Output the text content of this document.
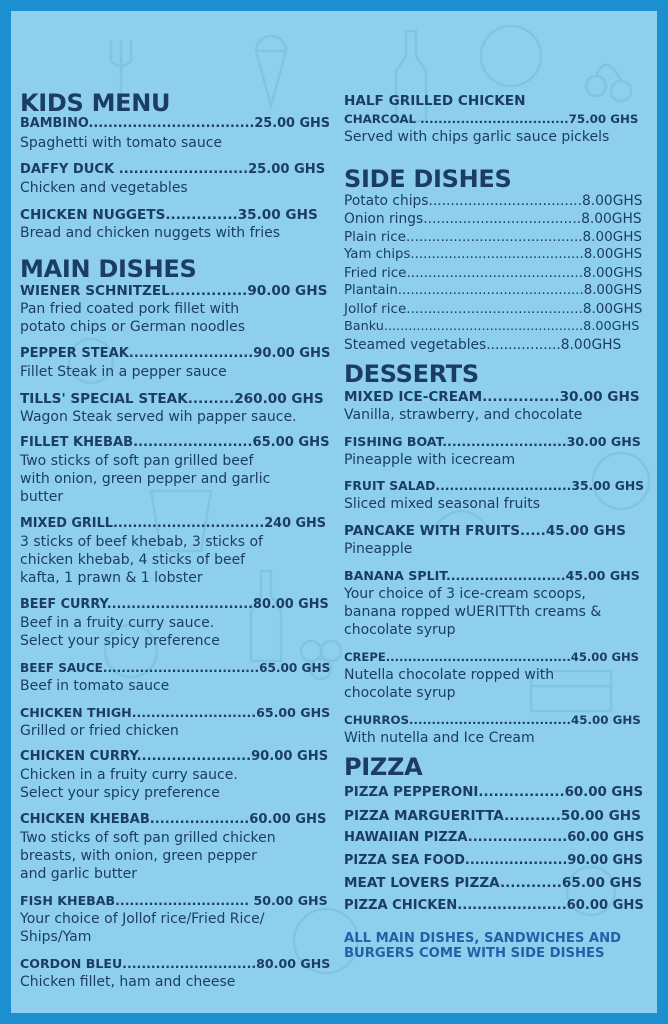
KIDS MENU
BAMBINO..................................25.00 GHS
Spaghetti with tomato sauce
DAFFY DUCK ..........................25.00 GHS
Chicken and vegetables
CHICKEN NUGGETS..............35.00 GHS
Bread and chicken nuggets with fries
MAIN DISHES
WIENER SCHNITZEL...............90.00 GHS
Pan fried coated pork fillet with
potato chips or German noodles
PEPPER STEAK.........................90.00 GHS
Fillet Steak in a pepper sauce
TILLS' SPECIAL STEAK.........260.00 GHS
Wagon Steak served wih papper sauce.
FILLET KHEBAB........................65.00 GHS
Two sticks of soft pan grilled beef
with onion, green pepper and garlic
butter
MIXED GRILL...............................240 GHS
3 sticks of beef khebab, 3 sticks of
chicken khebab, 4 sticks of beef
kafta, 1 prawn & 1 lobster
BEEF CURRY..............................80.00 GHS
Beef in a fruity curry sauce.
Select your spicy preference
BEEF SAUCE..................................65.00 GHS
Beef in tomato sauce
CHICKEN THIGH..........................65.00 GHS
Grilled or fried chicken
CHICKEN CURRY.......................90.00 GHS
Chicken in a fruity curry sauce.
Select your spicy preference
CHICKEN KHEBAB....................60.00 GHS
Two sticks of soft pan grilled chicken
breasts, with onion, green pepper
and garlic butter
FISH KHEBAB............................ 50.00 GHS
Your choice of Jollof rice/Fried Rice/
Ships/Yam
CORDON BLEU............................80.00 GHS
Chicken fillet, ham and cheese
HALF GRILLED CHICKEN
CHARCOAL .................................75.00 GHS
Served with chips garlic sauce pickels
SIDE DISHES
Potato chips...................................8.00GHS
Onion rings....................................8.00GHS
Plain rice.........................................8.00GHS
Yam chips.........................................8.00GHS
Fried rice.........................................8.00GHS
Plantain............................................8.00GHS
Jollof rice.........................................8.00GHS
Banku.................................................8.00GHS
Steamed vegetables.................8.00GHS
DESSERTS
MIXED ICE-CREAM...............30.00 GHS
Vanilla, strawberry, and chocolate
FISHING BOAT..........................30.00 GHS
Pineapple with icecream
FRUIT SALAD.............................35.00 GHS
Sliced mixed seasonal fruits
PANCAKE WITH FRUITS.....45.00 GHS
Pineapple
BANANA SPLIT.........................45.00 GHS
Your choice of 3 ice-cream scoops,
banana ropped wUERITTth creams &
chocolate syrup
CREPE..........................................45.00 GHS
Nutella chocolate ropped with
chocolate syrup
CHURROS....................................45.00 GHS
With nutella and Ice Cream
PIZZA
PIZZA PEPPERONI.................60.00 GHS
PIZZA MARGUERITTA...........50.00 GHS
HAWAIIAN PIZZA....................60.00 GHS
PIZZA SEA FOOD.....................90.00 GHS
MEAT LOVERS PIZZA............65.00 GHS
PIZZA CHICKEN......................60.00 GHS
ALL MAIN DISHES, SANDWICHES AND
BURGERS COME WITH SIDE DISHES
